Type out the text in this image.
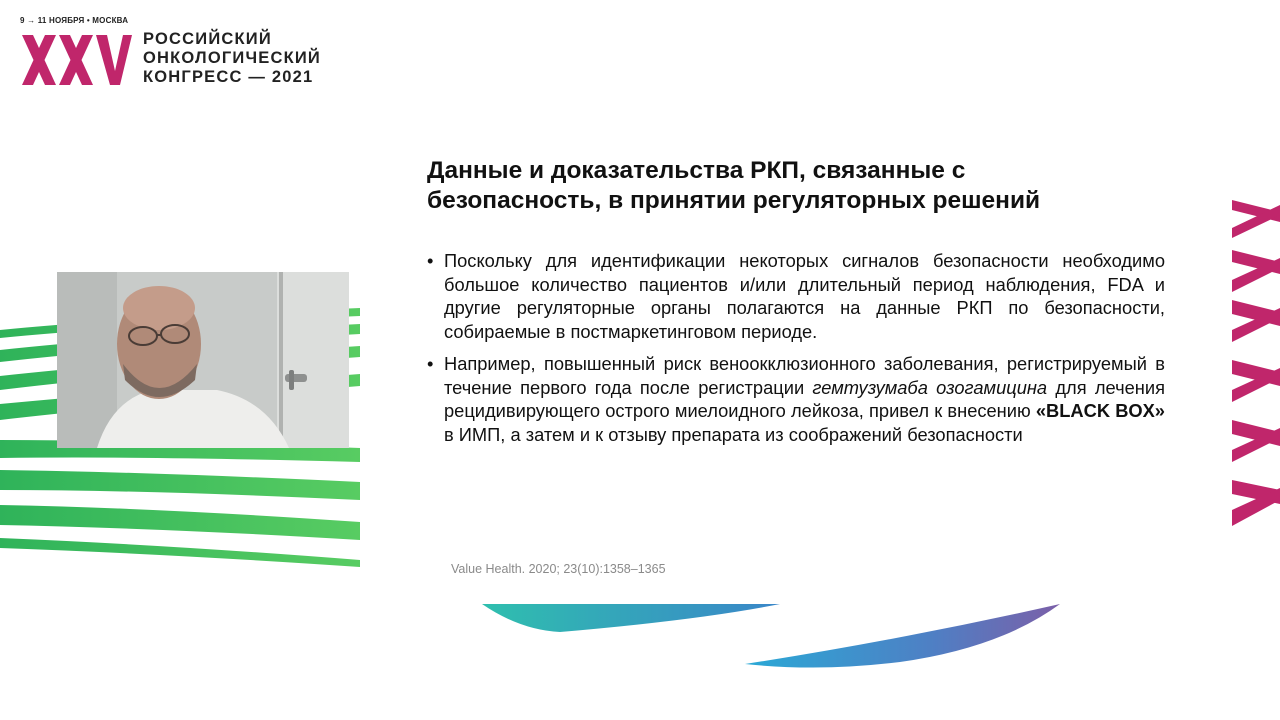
9 → 11 НОЯБРЯ • МОСКВА
РОССИЙСКИЙ
ОНКОЛОГИЧЕСКИЙ
КОНГРЕСС — 2021
Данные и доказательства РКП, связанные с
безопасность, в принятии регуляторных решений
• Поскольку для идентификации некоторых сигналов безопасности необходимо большое количество пациентов и/или длительный период наблюдения, FDA и другие регуляторные органы полагаются на данные РКП по безопасности, собираемые в постмаркетинговом периоде.
• Например, повышенный риск веноокклюзионного заболевания, регистрируемый в течение первого года после регистрации гемтузумаба озогамицина для лечения рецидивирующего острого миелоидного лейкоза, привел к внесению «BLACK BOX» в ИМП, а затем и к отзыву препарата из соображений безопасности
Value Health. 2020; 23(10):1358–1365
